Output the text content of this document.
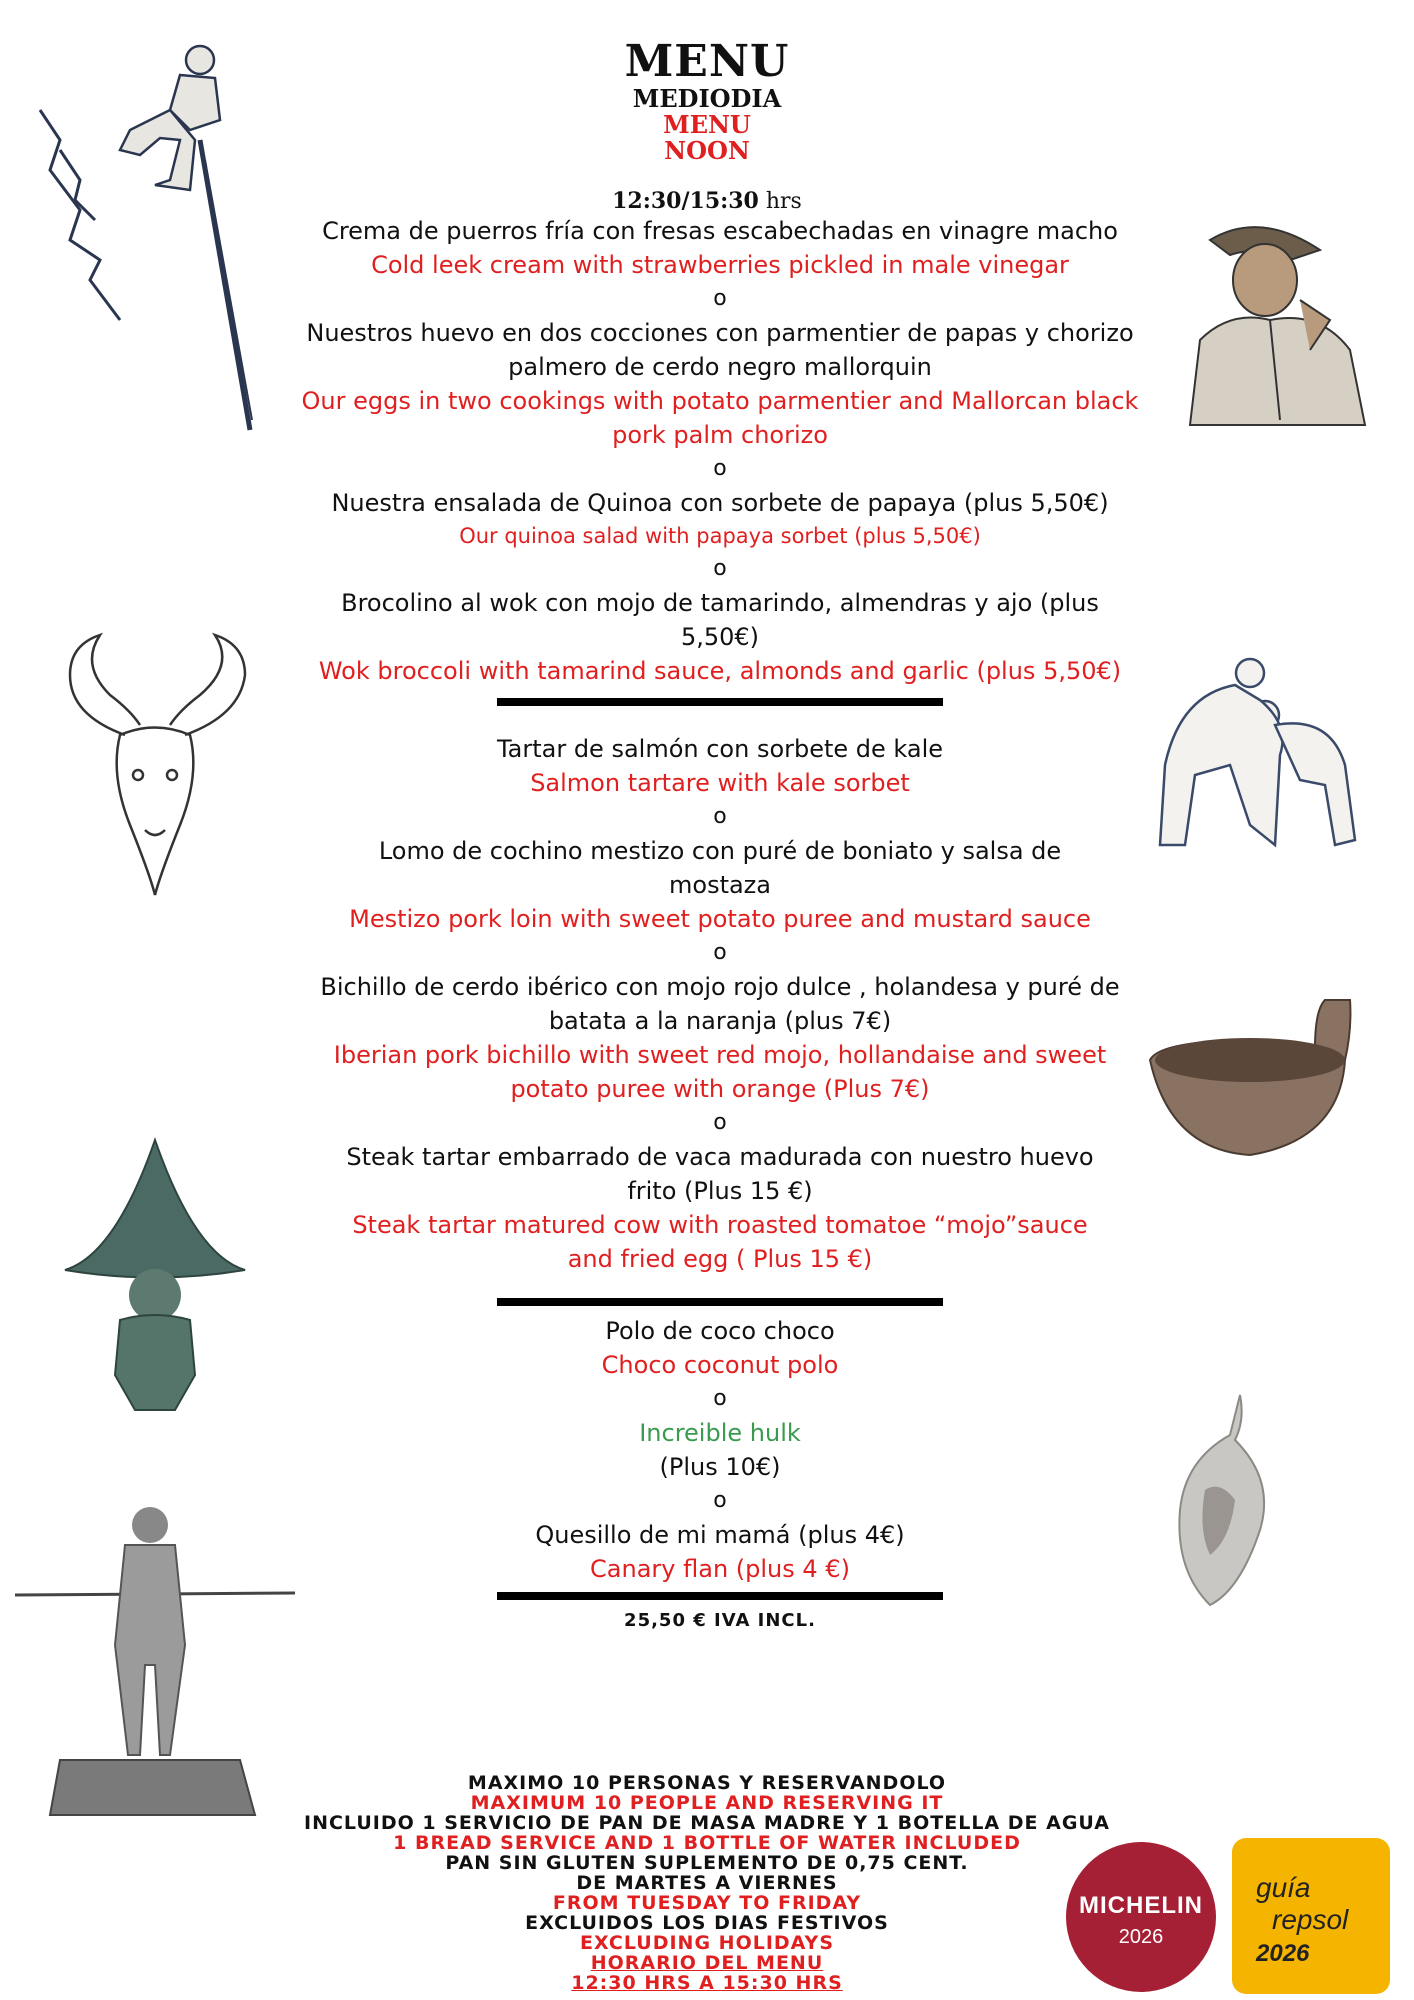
MENU
MEDIODIA
MENU
NOON
12:30/15:30 hrs
Crema de puerros fría con fresas escabechadas en vinagre macho
Cold leek cream with strawberries pickled in male vinegar
o
Nuestros huevo en dos cocciones con parmentier de papas y chorizo palmero de cerdo negro mallorquin
Our eggs in two cookings with potato parmentier and Mallorcan black pork palm chorizo
o
Nuestra ensalada de Quinoa con sorbete de papaya (plus 5,50€)
Our quinoa salad with papaya sorbet (plus 5,50€)
o
Brocolino al wok con mojo de tamarindo, almendras y ajo (plus 5,50€)
Wok broccoli with tamarind sauce, almonds and garlic (plus 5,50€)
Tartar de salmón con sorbete de kale
Salmon tartare with kale sorbet
o
Lomo de cochino mestizo con puré de boniato y salsa de mostaza
Mestizo pork loin with sweet potato puree and mustard sauce
o
Bichillo de cerdo ibérico con mojo rojo dulce , holandesa y puré de batata a la naranja (plus 7€)
Iberian pork bichillo with sweet red mojo, hollandaise and sweet potato puree with orange (Plus 7€)
o
Steak tartar embarrado de vaca madurada con nuestro huevo frito (Plus 15 €)
Steak tartar matured cow with roasted tomatoe “mojo”sauce and fried egg ( Plus 15 €)
Polo de coco choco
Choco coconut polo
o
Increible hulk
(Plus 10€)
o
Quesillo de mi mamá (plus 4€)
Canary flan (plus 4 €)
25,50 € IVA INCL.
MAXIMO 10 PERSONAS Y RESERVANDOLO
MAXIMUM 10 PEOPLE AND RESERVING IT
INCLUIDO 1 SERVICIO DE PAN DE MASA MADRE Y 1 BOTELLA DE AGUA
1 BREAD SERVICE AND 1 BOTTLE OF WATER INCLUDED
PAN SIN GLUTEN SUPLEMENTO DE 0,75 CENT.
DE MARTES A VIERNES
FROM TUESDAY TO FRIDAY
EXCLUIDOS LOS DIAS FESTIVOS
EXCLUDING HOLIDAYS
HORARIO DEL MENU
12:30 HRS A 15:30 HRS
MICHELIN
2026
guía
repsol
2026
